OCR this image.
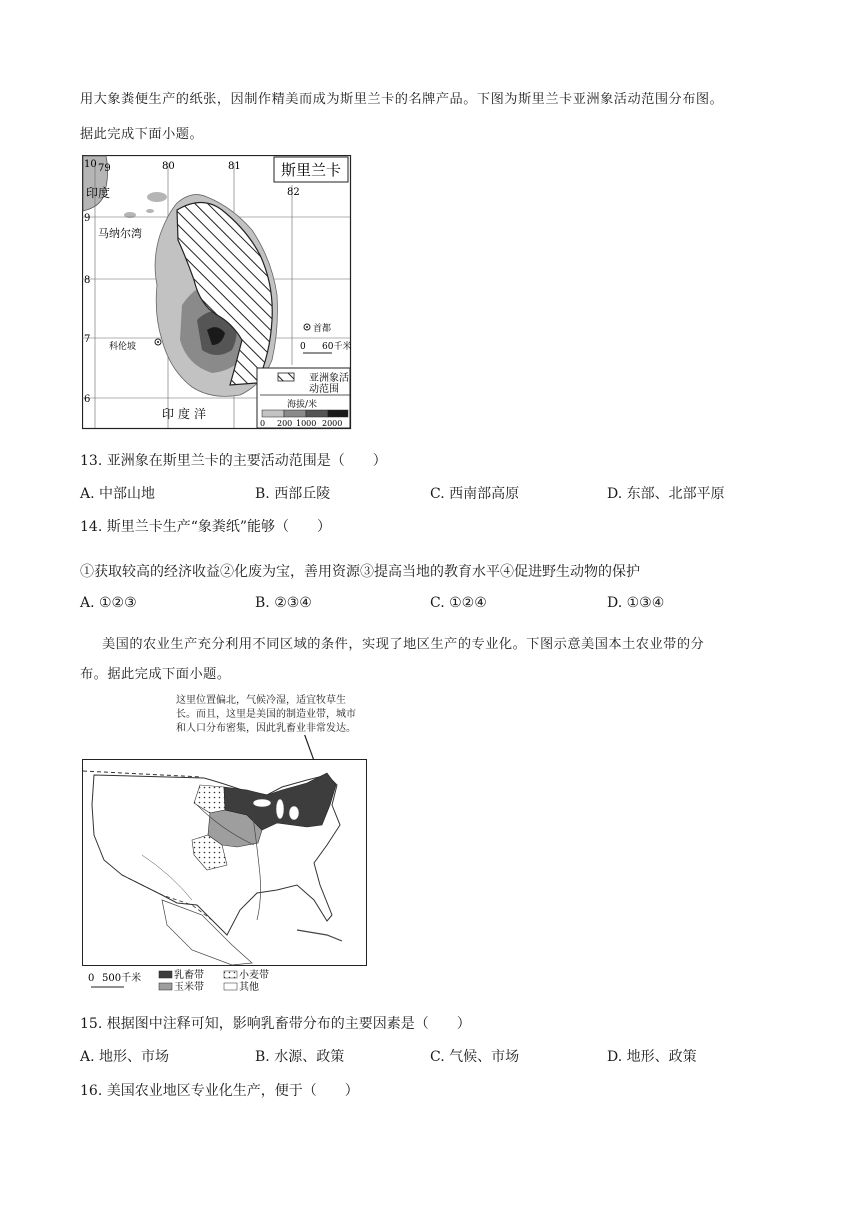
用大象粪便生产的纸张，因制作精美而成为斯里兰卡的名牌产品。下图为斯里兰卡亚洲象活动范围分布图。
据此完成下面小题。
斯里兰卡
10 79	80	81
82
9
8
7
6
印度
马纳尔湾
科伦坡
印度洋
首都
0 60千米
亚洲象活
动范围
海拔/米
0 200 1000 2000
13. 亚洲象在斯里兰卡的主要活动范围是（　　）
A. 中部山地	B. 西部丘陵	C. 西南部高原	D. 东部、北部平原
14. 斯里兰卡生产“象粪纸”能够（　　）
①获取较高的经济收益②化废为宝，善用资源③提高当地的教育水平④促进野生动物的保护
A. ①②③	B. ②③④	C. ①②④	D. ①③④
美国的农业生产充分利用不同区域的条件，实现了地区生产的专业化。下图示意美国本土农业带的分
布。据此完成下面小题。
这里位置偏北，气候冷湿，适宜牧草生
长。而且，这里是美国的制造业带，城市
和人口分布密集，因此乳畜业非常发达。
0 500千米	乳畜带	小麦带
玉米带	其他
15. 根据图中注释可知，影响乳畜带分布的主要因素是（　　）
A. 地形、市场	B. 水源、政策	C. 气候、市场	D. 地形、政策
16. 美国农业地区专业化生产，便于（　　）
